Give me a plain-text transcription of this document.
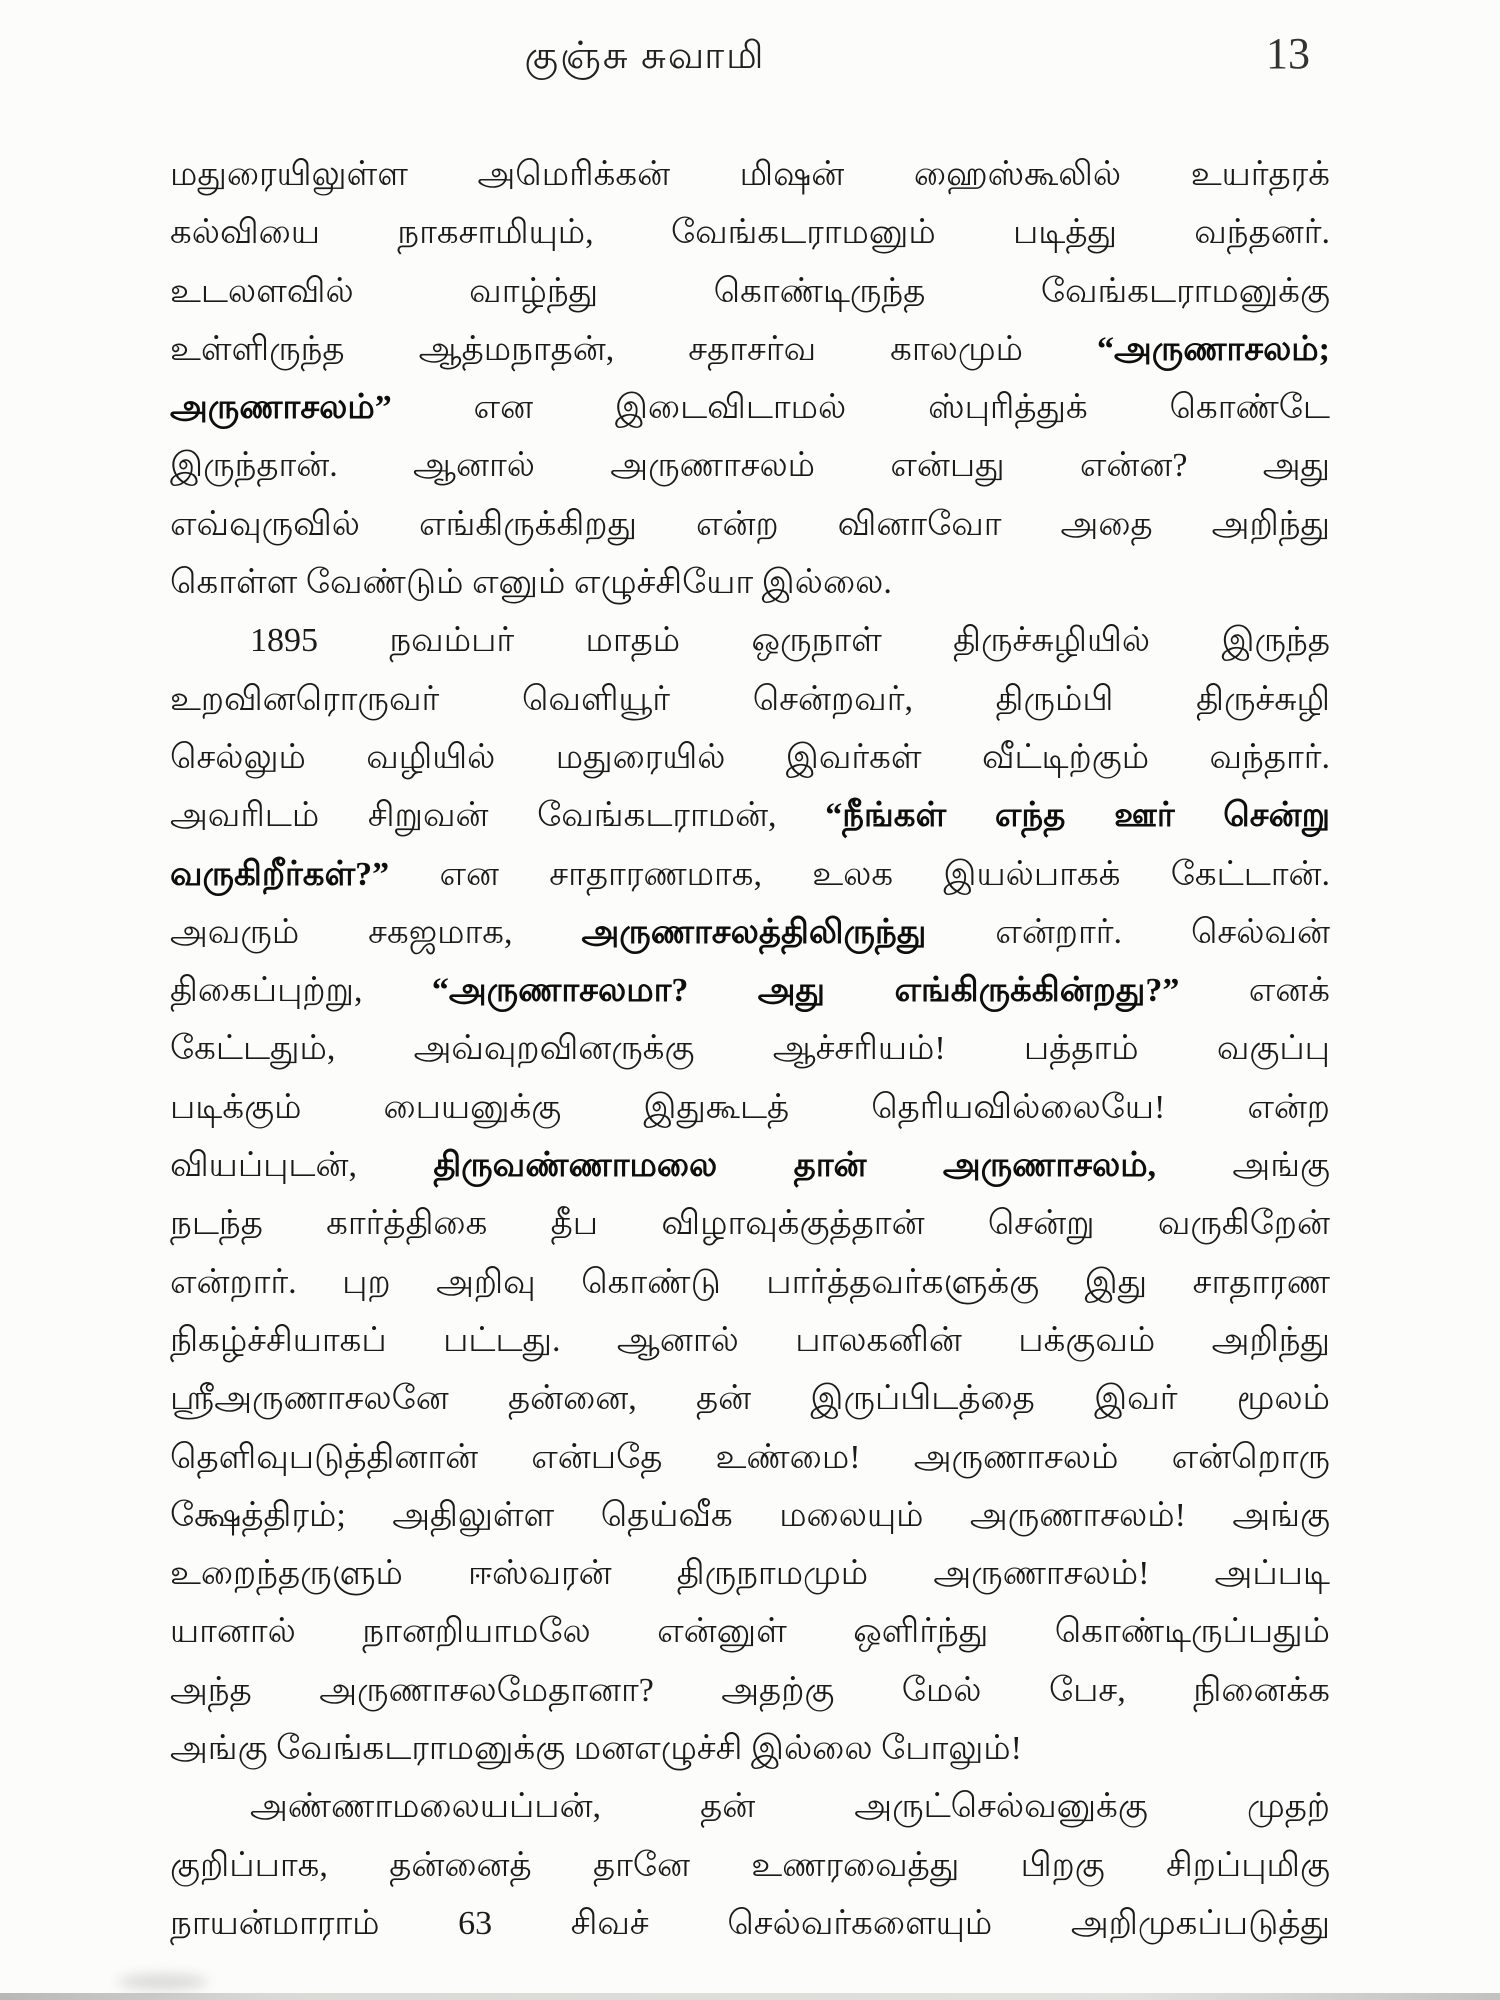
குஞ்சு சுவாமி	13
மதுரையிலுள்ள அமெரிக்கன் மிஷன் ஹைஸ்கூலில் உயர்தரக்
கல்வியை நாகசாமியும், வேங்கடராமனும் படித்து வந்தனர்.
உடலளவில் வாழ்ந்து கொண்டிருந்த வேங்கடராமனுக்கு
உள்ளிருந்த ஆத்மநாதன், சதாசர்வ காலமும் “அருணாசலம்;
அருணாசலம்” என இடைவிடாமல் ஸ்புரித்துக் கொண்டே
இருந்தான். ஆனால் அருணாசலம் என்பது என்ன? அது
எவ்வுருவில் எங்கிருக்கிறது என்ற வினாவோ அதை அறிந்து
கொள்ள வேண்டும் எனும் எழுச்சியோ இல்லை.
1895 நவம்பர் மாதம் ஒருநாள் திருச்சுழியில் இருந்த
உறவினரொருவர் வெளியூர் சென்றவர், திரும்பி திருச்சுழி
செல்லும் வழியில் மதுரையில் இவர்கள் வீட்டிற்கும் வந்தார்.
அவரிடம் சிறுவன் வேங்கடராமன், “நீங்கள் எந்த ஊர் சென்று
வருகிறீர்கள்?” என சாதாரணமாக, உலக இயல்பாகக் கேட்டான்.
அவரும் சகஜமாக, அருணாசலத்திலிருந்து என்றார். செல்வன்
திகைப்புற்று, “அருணாசலமா? அது எங்கிருக்கின்றது?” எனக்
கேட்டதும், அவ்வுறவினருக்கு ஆச்சரியம்! பத்தாம் வகுப்பு
படிக்கும் பையனுக்கு இதுகூடத் தெரியவில்லையே! என்ற
வியப்புடன், திருவண்ணாமலை தான் அருணாசலம், அங்கு
நடந்த கார்த்திகை தீப விழாவுக்குத்தான் சென்று வருகிறேன்
என்றார். புற அறிவு கொண்டு பார்த்தவர்களுக்கு இது சாதாரண
நிகழ்ச்சியாகப் பட்டது. ஆனால் பாலகனின் பக்குவம் அறிந்து
ஸ்ரீஅருணாசலனே தன்னை, தன் இருப்பிடத்தை இவர் மூலம்
தெளிவுபடுத்தினான் என்பதே உண்மை! அருணாசலம் என்றொரு
க்ஷேத்திரம்; அதிலுள்ள தெய்வீக மலையும் அருணாசலம்! அங்கு
உறைந்தருளும் ஈஸ்வரன் திருநாமமும் அருணாசலம்! அப்படி
யானால் நானறியாமலே என்னுள் ஒளிர்ந்து கொண்டிருப்பதும்
அந்த அருணாசலமேதானா? அதற்கு மேல் பேச, நினைக்க
அங்கு வேங்கடராமனுக்கு மனஎழுச்சி இல்லை போலும்!
அண்ணாமலையப்பன், தன் அருட்செல்வனுக்கு முதற்
குறிப்பாக, தன்னைத் தானே உணரவைத்து பிறகு சிறப்புமிகு
நாயன்மாராம் 63 சிவச் செல்வர்களையும் அறிமுகப்படுத்து
